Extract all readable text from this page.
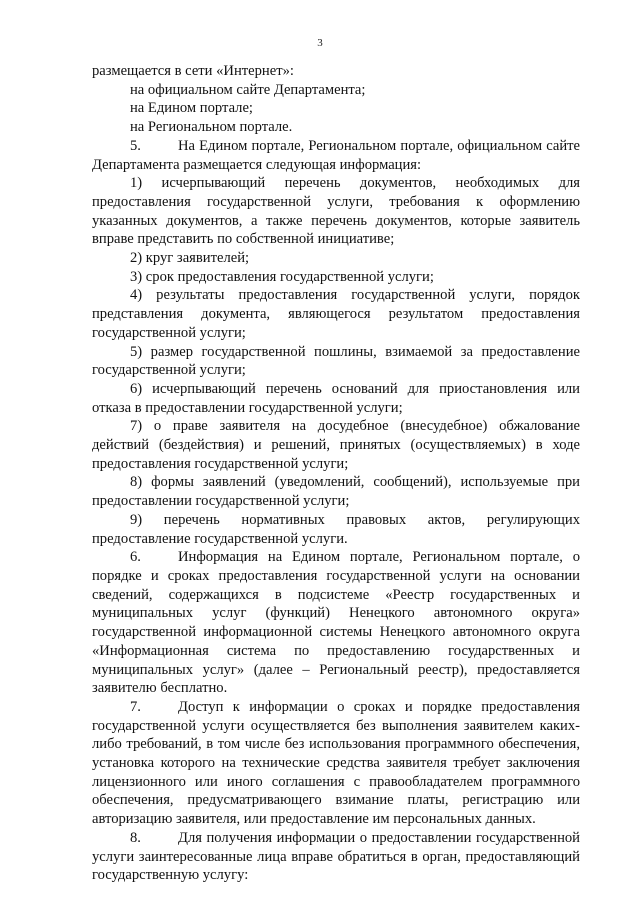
3

размещается в сети «Интернет»:

на официальном сайте Департамента;

на Едином портале;

на Региональном портале.

5.	На Едином портале, Региональном портале, официальном сайте Департамента размещается следующая информация:

1) исчерпывающий перечень документов, необходимых для предоставления государственной услуги, требования к оформлению указанных документов, а также перечень документов, которые заявитель вправе представить по собственной инициативе;

2) круг заявителей;

3) срок предоставления государственной услуги;

4) результаты предоставления государственной услуги, порядок представления документа, являющегося результатом предоставления государственной услуги;

5) размер государственной пошлины, взимаемой за предоставление государственной услуги;

6) исчерпывающий перечень оснований для приостановления или отказа в предоставлении государственной услуги;

7) о праве заявителя на досудебное (внесудебное) обжалование действий (бездействия) и решений, принятых (осуществляемых) в ходе предоставления государственной услуги;

8) формы заявлений (уведомлений, сообщений), используемые при предоставлении государственной услуги;

9) перечень нормативных правовых актов, регулирующих предоставление государственной услуги.

6.	Информация на Едином портале, Региональном портале, о порядке и сроках предоставления государственной услуги на основании сведений, содержащихся в подсистеме «Реестр государственных и муниципальных услуг (функций) Ненецкого автономного округа» государственной информационной системы Ненецкого автономного округа «Информационная система по предоставлению государственных и муниципальных услуг» (далее – Региональный реестр), предоставляется заявителю бесплатно.

7.	Доступ к информации о сроках и порядке предоставления государственной услуги осуществляется без выполнения заявителем каких-либо требований, в том числе без использования программного обеспечения, установка которого на технические средства заявителя требует заключения лицензионного или иного соглашения с правообладателем программного обеспечения, предусматривающего взимание платы, регистрацию или авторизацию заявителя, или предоставление им персональных данных.

8.	Для получения информации о предоставлении государственной услуги заинтересованные лица вправе обратиться в орган, предоставляющий государственную услугу:
